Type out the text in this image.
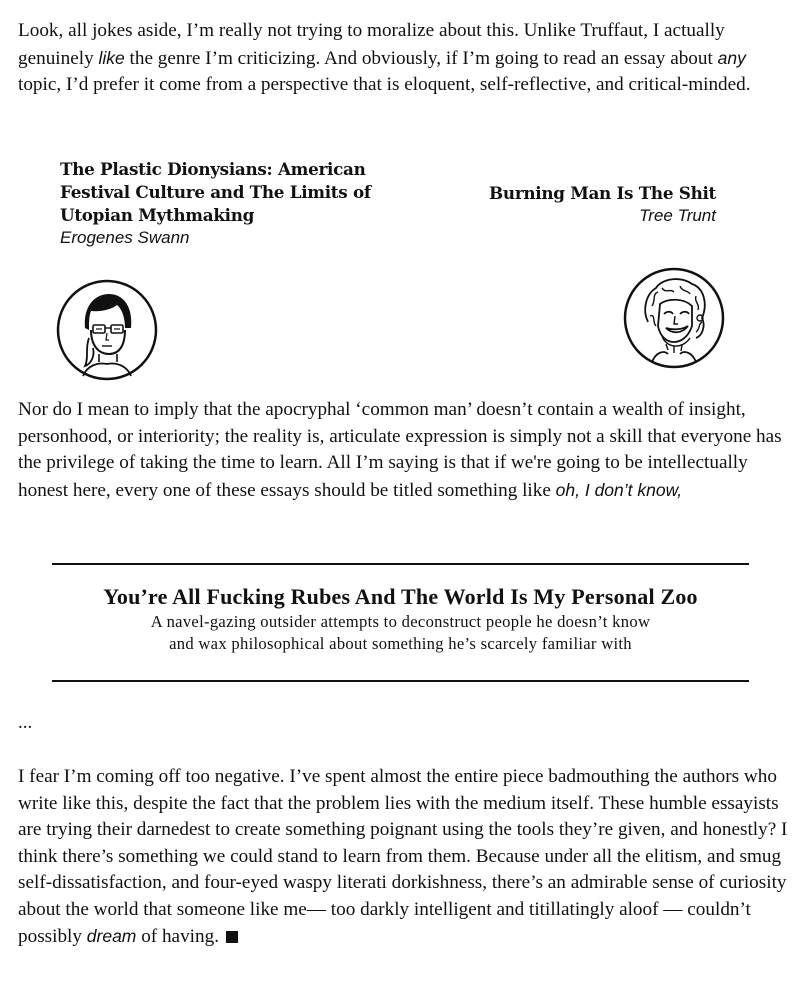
Look, all jokes aside, I’m really not trying to moralize about this. Unlike Truffaut, I actually genuinely like the genre I’m criticizing. And obviously, if I’m going to read an essay about any topic, I’d prefer it come from a perspective that is eloquent, self-reflective, and critical-minded.

The Plastic Dionysians: American Festival Culture and The Limits of Utopian Mythmaking
Erogenes Swann
Burning Man Is The Shit
Tree Trunt

Nor do I mean to imply that the apocryphal ‘common man’ doesn’t contain a wealth of insight, personhood, or interiority; the reality is, articulate expression is simply not a skill that everyone has the privilege of taking the time to learn. All I’m saying is that if we're going to be intellectually honest here, every one of these essays should be titled something like oh, I don’t know,

You’re All Fucking Rubes And The World Is My Personal Zoo
A navel-gazing outsider attempts to deconstruct people he doesn’t know
and wax philosophical about something he’s scarcely familiar with
...

I fear I’m coming off too negative. I’ve spent almost the entire piece badmouthing the authors who write like this, despite the fact that the problem lies with the medium itself. These humble essayists are trying their darnedest to create something poignant using the tools they’re given, and honestly? I think there’s something we could stand to learn from them. Because under all the elitism, and smug self-dissatisfaction, and four-eyed waspy literati dorkishness, there’s an admirable sense of curiosity about the world that someone like me— too darkly intelligent and titillatingly aloof — couldn’t possibly dream of having.
